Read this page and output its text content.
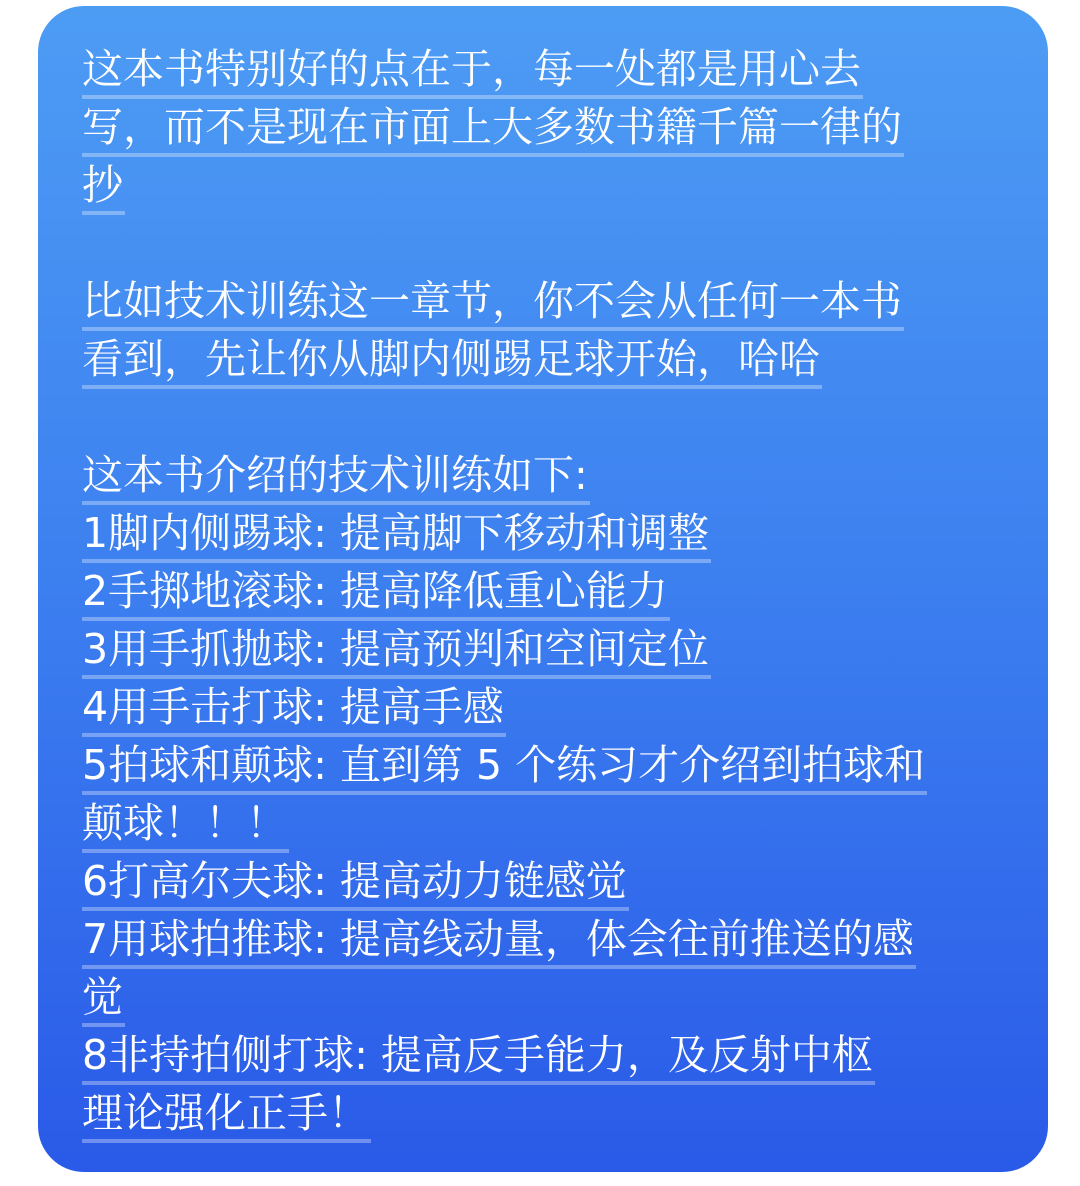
这本书特别好的点在于，每一处都是用心去
写，而不是现在市面上大多数书籍千篇一律的
抄
比如技术训练这一章节，你不会从任何一本书
看到，先让你从脚内侧踢足球开始，哈哈
这本书介绍的技术训练如下:
1脚内侧踢球: 提高脚下移动和调整
2手掷地滚球: 提高降低重心能力
3用手抓抛球: 提高预判和空间定位
4用手击打球: 提高手感
5拍球和颠球: 直到第 5 个练习才介绍到拍球和
颠球！！！
6打高尔夫球: 提高动力链感觉
7用球拍推球: 提高线动量，体会往前推送的感
觉
8非持拍侧打球: 提高反手能力，及反射中枢
理论强化正手！
